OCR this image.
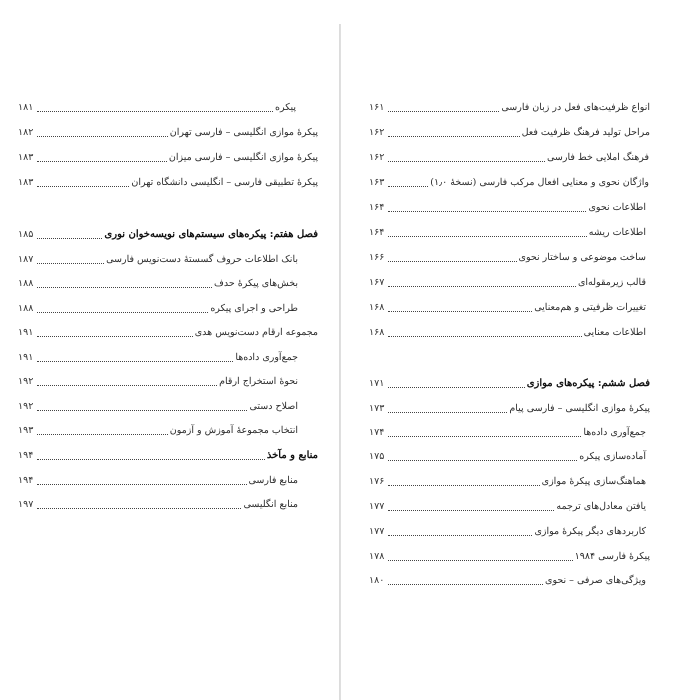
۱۸۱	پیکره
۱۸۲	پیکرهٔ موازی انگلیسی – فارسی تهران
۱۸۳	پیکرهٔ موازی انگلیسی – فارسی میزان
۱۸۳	پیکرهٔ تطبیقی فارسی – انگلیسی دانشگاه تهران
۱۸۵	فصل هفتم: پیکره‌های سیستم‌های نویسه‌خوان نوری
۱۸۷	بانک اطلاعات حروف گسستهٔ دست‌نویس فارسی
۱۸۸	بخش‌های پیکرهٔ حدف
۱۸۸	طراحی و اجرای پیکره
۱۹۱	مجموعه ارقام دست‌نویس هدی
۱۹۱	جمع‌آوری داده‌ها
۱۹۲	نحوهٔ استخراج ارقام
۱۹۲	اصلاح دستی
۱۹۳	انتخاب مجموعهٔ آموزش و آزمون
۱۹۴	منابع و مآخذ
۱۹۴	منابع فارسی
۱۹۷	منابع انگلیسی
۱۶۱	انواع ظرفیت‌های فعل در زبان فارسی
۱۶۲	مراحل تولید فرهنگ ظرفیت فعل
۱۶۲	فرهنگ املایی خط فارسی
۱۶۳	واژگان نحوی و معنایی افعال مرکب فارسی (نسخهٔ ۱٫۰)
۱۶۴	اطلاعات نحوی
۱۶۴	اطلاعات ریشه
۱۶۶	ساخت موضوعی و ساختار نحوی
۱۶۷	قالب زیرمقوله‌ای
۱۶۸	تغییرات ظرفیتی و هم‌معنایی
۱۶۸	اطلاعات معنایی
۱۷۱	فصل ششم: پیکره‌های موازی
۱۷۳	پیکرهٔ موازی انگلیسی – فارسی پیام
۱۷۴	جمع‌آوری داده‌ها
۱۷۵	آماده‌سازی پیکره
۱۷۶	هماهنگ‌سازی پیکرهٔ موازی
۱۷۷	یافتن معادل‌های ترجمه
۱۷۷	کاربردهای دیگر پیکرهٔ موازی
۱۷۸	پیکرهٔ فارسی ۱۹۸۴
۱۸۰	ویژگی‌های صرفی – نحوی
